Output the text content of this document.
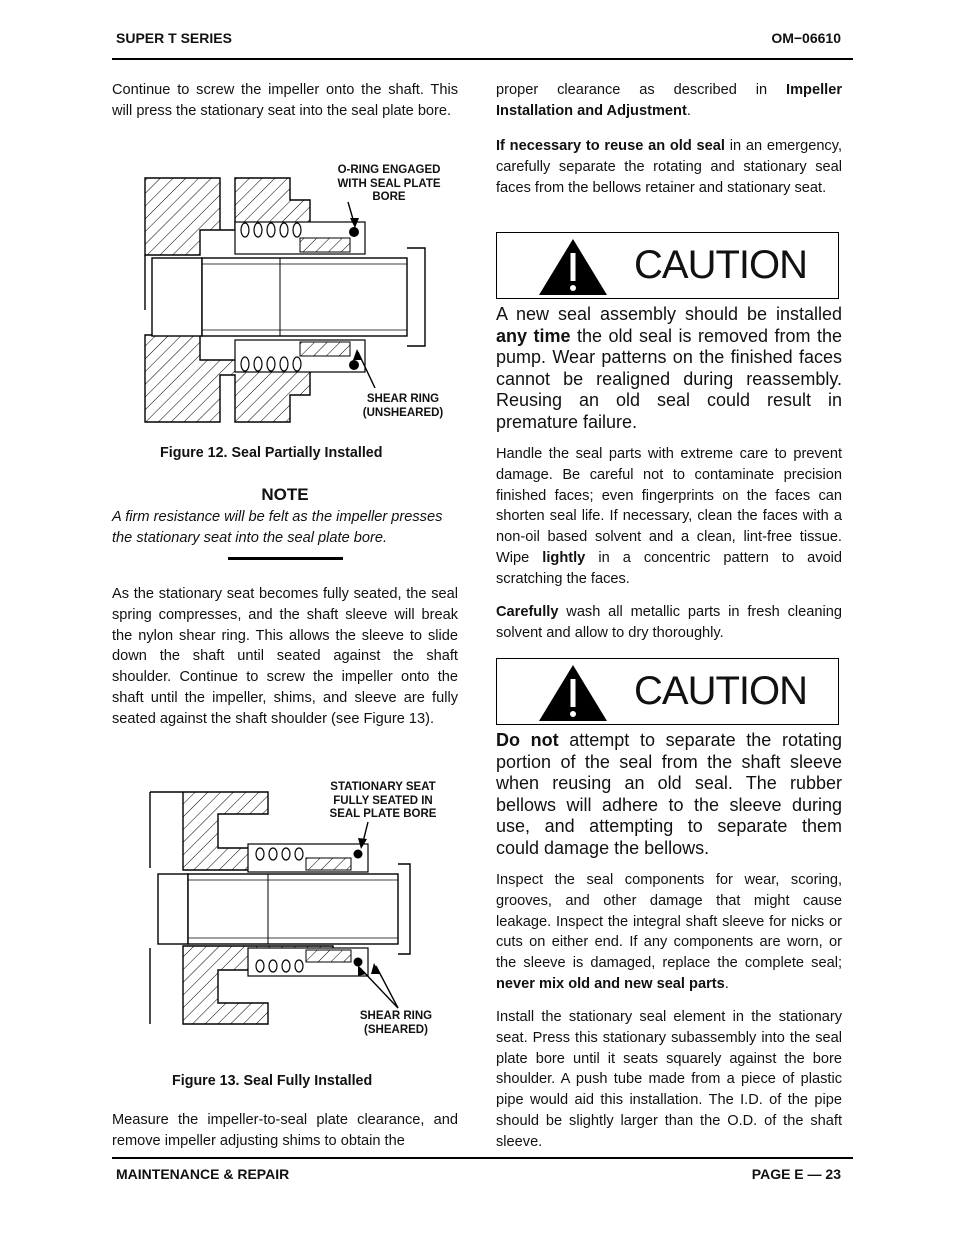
SUPER T SERIES	OM−06610

Continue to screw the impeller onto the shaft. This will press the stationary seat into the seal plate bore.

O-RING ENGAGED
WITH SEAL PLATE
BORE
SHEAR RING
(UNSHEARED)
Figure 12. Seal Partially Installed
NOTE
A firm resistance will be felt as the impeller presses the stationary seat into the seal plate bore.

As the stationary seat becomes fully seated, the seal spring compresses, and the shaft sleeve will break the nylon shear ring. This allows the sleeve to slide down the shaft until seated against the shaft shoulder. Continue to screw the impeller onto the shaft until the impeller, shims, and sleeve are fully seated against the shaft shoulder (see Figure 13).

STATIONARY SEAT
FULLY SEATED IN
SEAL PLATE BORE
SHEAR RING
(SHEARED)
Figure 13. Seal Fully Installed

Measure the impeller-to-seal plate clearance, and remove impeller adjusting shims to obtain the

proper clearance as described in Impeller Installation and Adjustment.

If necessary to reuse an old seal in an emergency, carefully separate the rotating and stationary seal faces from the bellows retainer and stationary seat.

CAUTION
A new seal assembly should be installed any time the old seal is removed from the pump. Wear patterns on the finished faces cannot be realigned during reassembly. Reusing an old seal could result in premature failure.

Handle the seal parts with extreme care to prevent damage. Be careful not to contaminate precision finished faces; even fingerprints on the faces can shorten seal life. If necessary, clean the faces with a non-oil based solvent and a clean, lint-free tissue. Wipe lightly in a concentric pattern to avoid scratching the faces.

Carefully wash all metallic parts in fresh cleaning solvent and allow to dry thoroughly.

CAUTION
Do not attempt to separate the rotating portion of the seal from the shaft sleeve when reusing an old seal. The rubber bellows will adhere to the sleeve during use, and attempting to separate them could damage the bellows.

Inspect the seal components for wear, scoring, grooves, and other damage that might cause leakage. Inspect the integral shaft sleeve for nicks or cuts on either end. If any components are worn, or the sleeve is damaged, replace the complete seal; never mix old and new seal parts.

Install the stationary seal element in the stationary seat. Press this stationary subassembly into the seal plate bore until it seats squarely against the bore shoulder. A push tube made from a piece of plastic pipe would aid this installation. The I.D. of the pipe should be slightly larger than the O.D. of the shaft sleeve.

MAINTENANCE & REPAIR	PAGE E — 23
